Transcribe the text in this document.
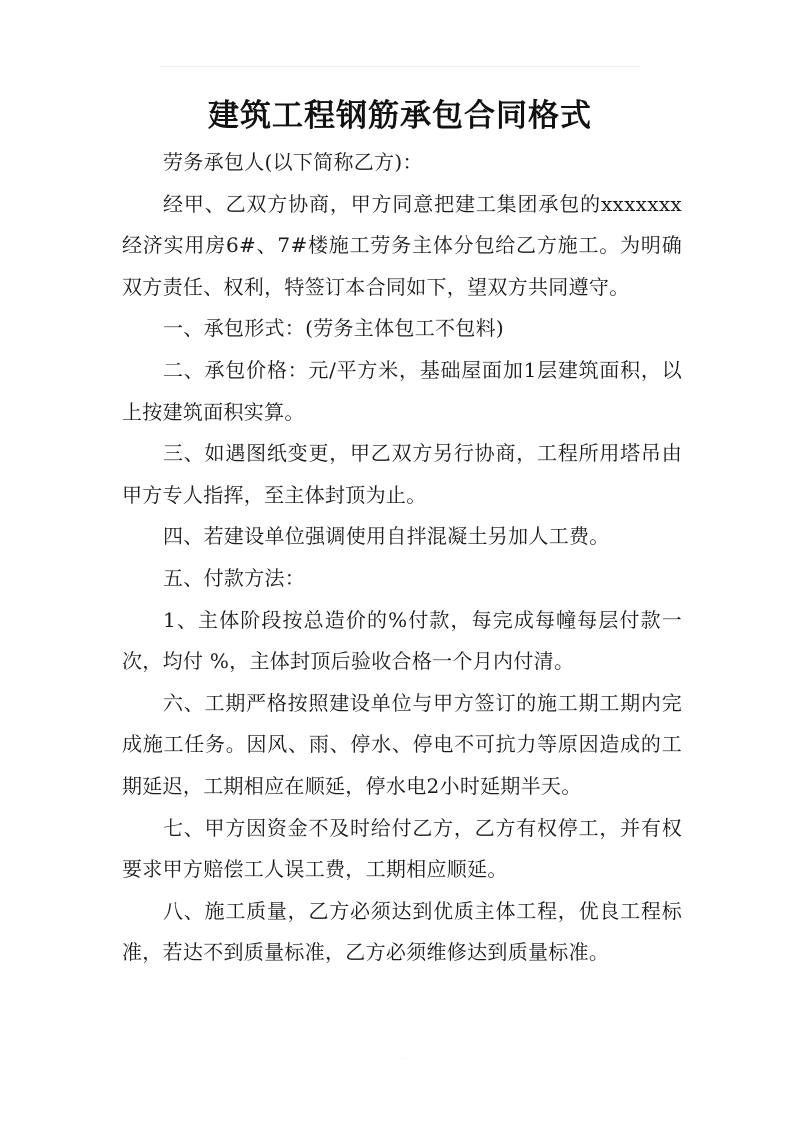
建筑工程钢筋承包合同格式

劳务承包人(以下简称乙方)：

经甲、乙双方协商，甲方同意把建工集团承包的xxxxxxx经济实用房6#、7#楼施工劳务主体分包给乙方施工。为明确双方责任、权利，特签订本合同如下，望双方共同遵守。

一、承包形式：(劳务主体包工不包料)

二、承包价格：元/平方米，基础屋面加1层建筑面积，以上按建筑面积实算。

三、如遇图纸变更，甲乙双方另行协商，工程所用塔吊由甲方专人指挥，至主体封顶为止。

四、若建设单位强调使用自拌混凝土另加人工费。

五、付款方法：

1、主体阶段按总造价的%付款，每完成每幢每层付款一次，均付 %，主体封顶后验收合格一个月内付清。

六、工期严格按照建设单位与甲方签订的施工期工期内完成施工任务。因风、雨、停水、停电不可抗力等原因造成的工期延迟，工期相应在顺延，停水电2小时延期半天。

七、甲方因资金不及时给付乙方，乙方有权停工，并有权要求甲方赔偿工人误工费，工期相应顺延。

八、施工质量，乙方必须达到优质主体工程，优良工程标准，若达不到质量标准，乙方必须维修达到质量标准。

· · · · ·
